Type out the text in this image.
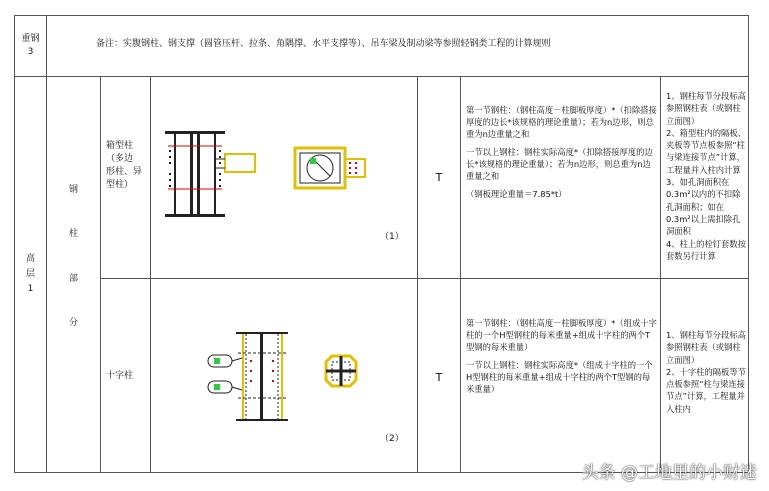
重钢
3
备注：实腹钢柱、钢支撑（圆管压杆、拉条、角隅撑、水平支撑等）、吊车梁及制动梁等参照轻钢类工程的计算规则
高
层
1
钢
柱
部
分
箱型柱
（多边
形柱、异
型柱）
（1）
T
第一节钢柱：（钢柱高度－柱脚板厚度）*（扣除搭接厚度的边长*该规格的理论重量）；若为n边形，则总重为n边重量之和
一节以上钢柱：钢柱实际高度*（扣除搭接厚度的边长*该规格的理论重量）；若为n边形，则总重为n边重量之和
（钢板理论重量＝7.85*t）
1、钢柱每节分段标高参照钢柱表（或钢柱立面图）
2、箱型柱内的隔板、夹板等节点板参照“柱与梁连接节点”计算，工程量并入柱内计算
3、如孔洞面积在0.3m²以内的不扣除孔洞面积；如在0.3m²以上需扣除孔洞面积
4、柱上的栓钉套数按套数另行计算
十字柱
（2）
T
第一节钢柱：（钢柱高度－柱脚板厚度）*（组成十字柱的一个H型钢柱的每米重量+组成十字柱的两个T型钢的每米重量）
一节以上钢柱：钢柱实际高度*（组成十字柱的一个H型钢柱的每米重量+组成十字柱的两个T型钢的每米重量）
1、钢柱每节分段标高参照钢柱表（或钢柱立面图）
2、十字柱的隔板等节点板参照“柱与梁连接节点”计算，工程量并入柱内
头条 @工地里的小财迷
